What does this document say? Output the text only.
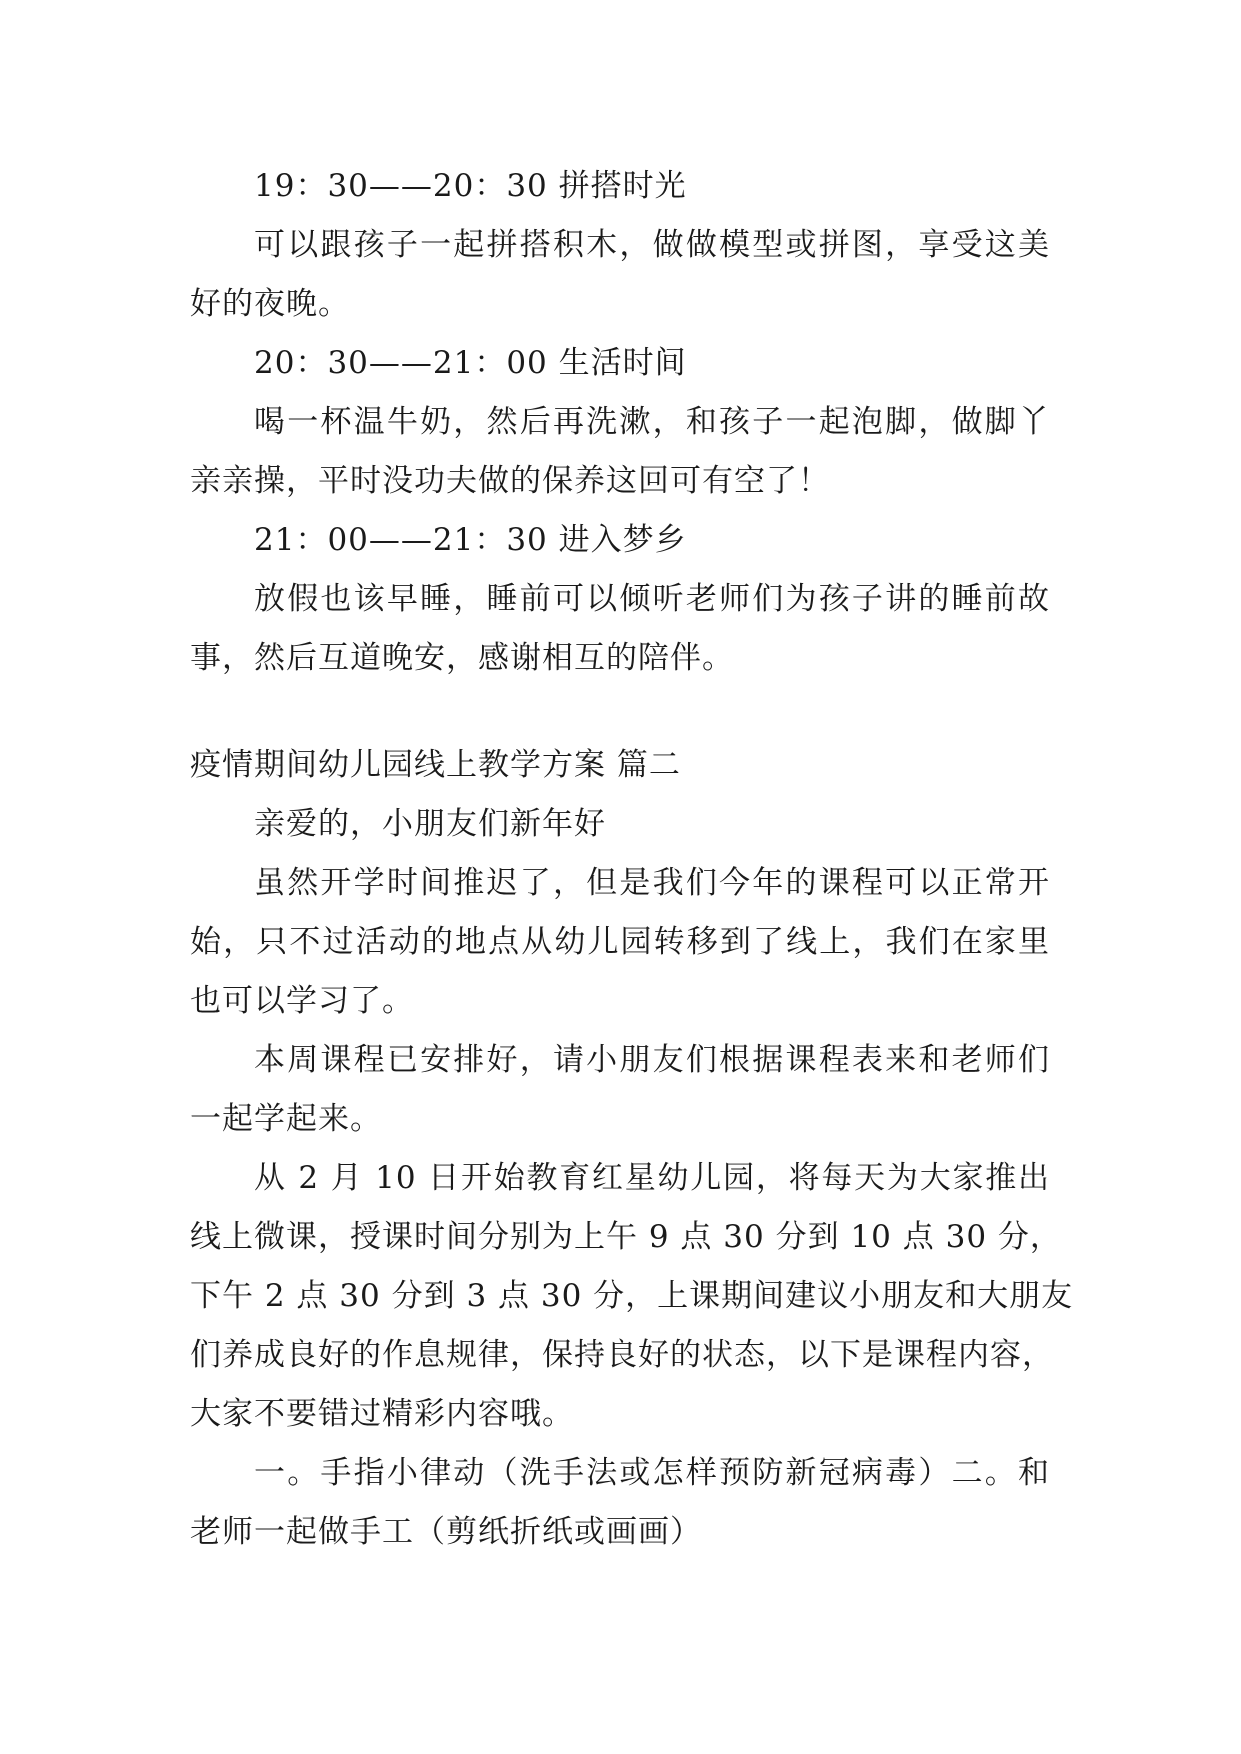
19：30——20：30 拼搭时光
可以跟孩子一起拼搭积木，做做模型或拼图，享受这美
好的夜晚。
20：30——21：00 生活时间
喝一杯温牛奶，然后再洗漱，和孩子一起泡脚，做脚丫
亲亲操，平时没功夫做的保养这回可有空了！
21：00——21：30 进入梦乡
放假也该早睡，睡前可以倾听老师们为孩子讲的睡前故
事，然后互道晚安，感谢相互的陪伴。
疫情期间幼儿园线上教学方案 篇二
亲爱的，小朋友们新年好
虽然开学时间推迟了，但是我们今年的课程可以正常开
始，只不过活动的地点从幼儿园转移到了线上，我们在家里
也可以学习了。
本周课程已安排好，请小朋友们根据课程表来和老师们
一起学起来。
从 2 月 10 日开始教育红星幼儿园，将每天为大家推出
线上微课，授课时间分别为上午 9 点 30 分到 10 点 30 分，
下午 2 点 30 分到 3 点 30 分，上课期间建议小朋友和大朋友
们养成良好的作息规律，保持良好的状态，以下是课程内容，
大家不要错过精彩内容哦。
一。手指小律动（洗手法或怎样预防新冠病毒）二。和
老师一起做手工（剪纸折纸或画画）
